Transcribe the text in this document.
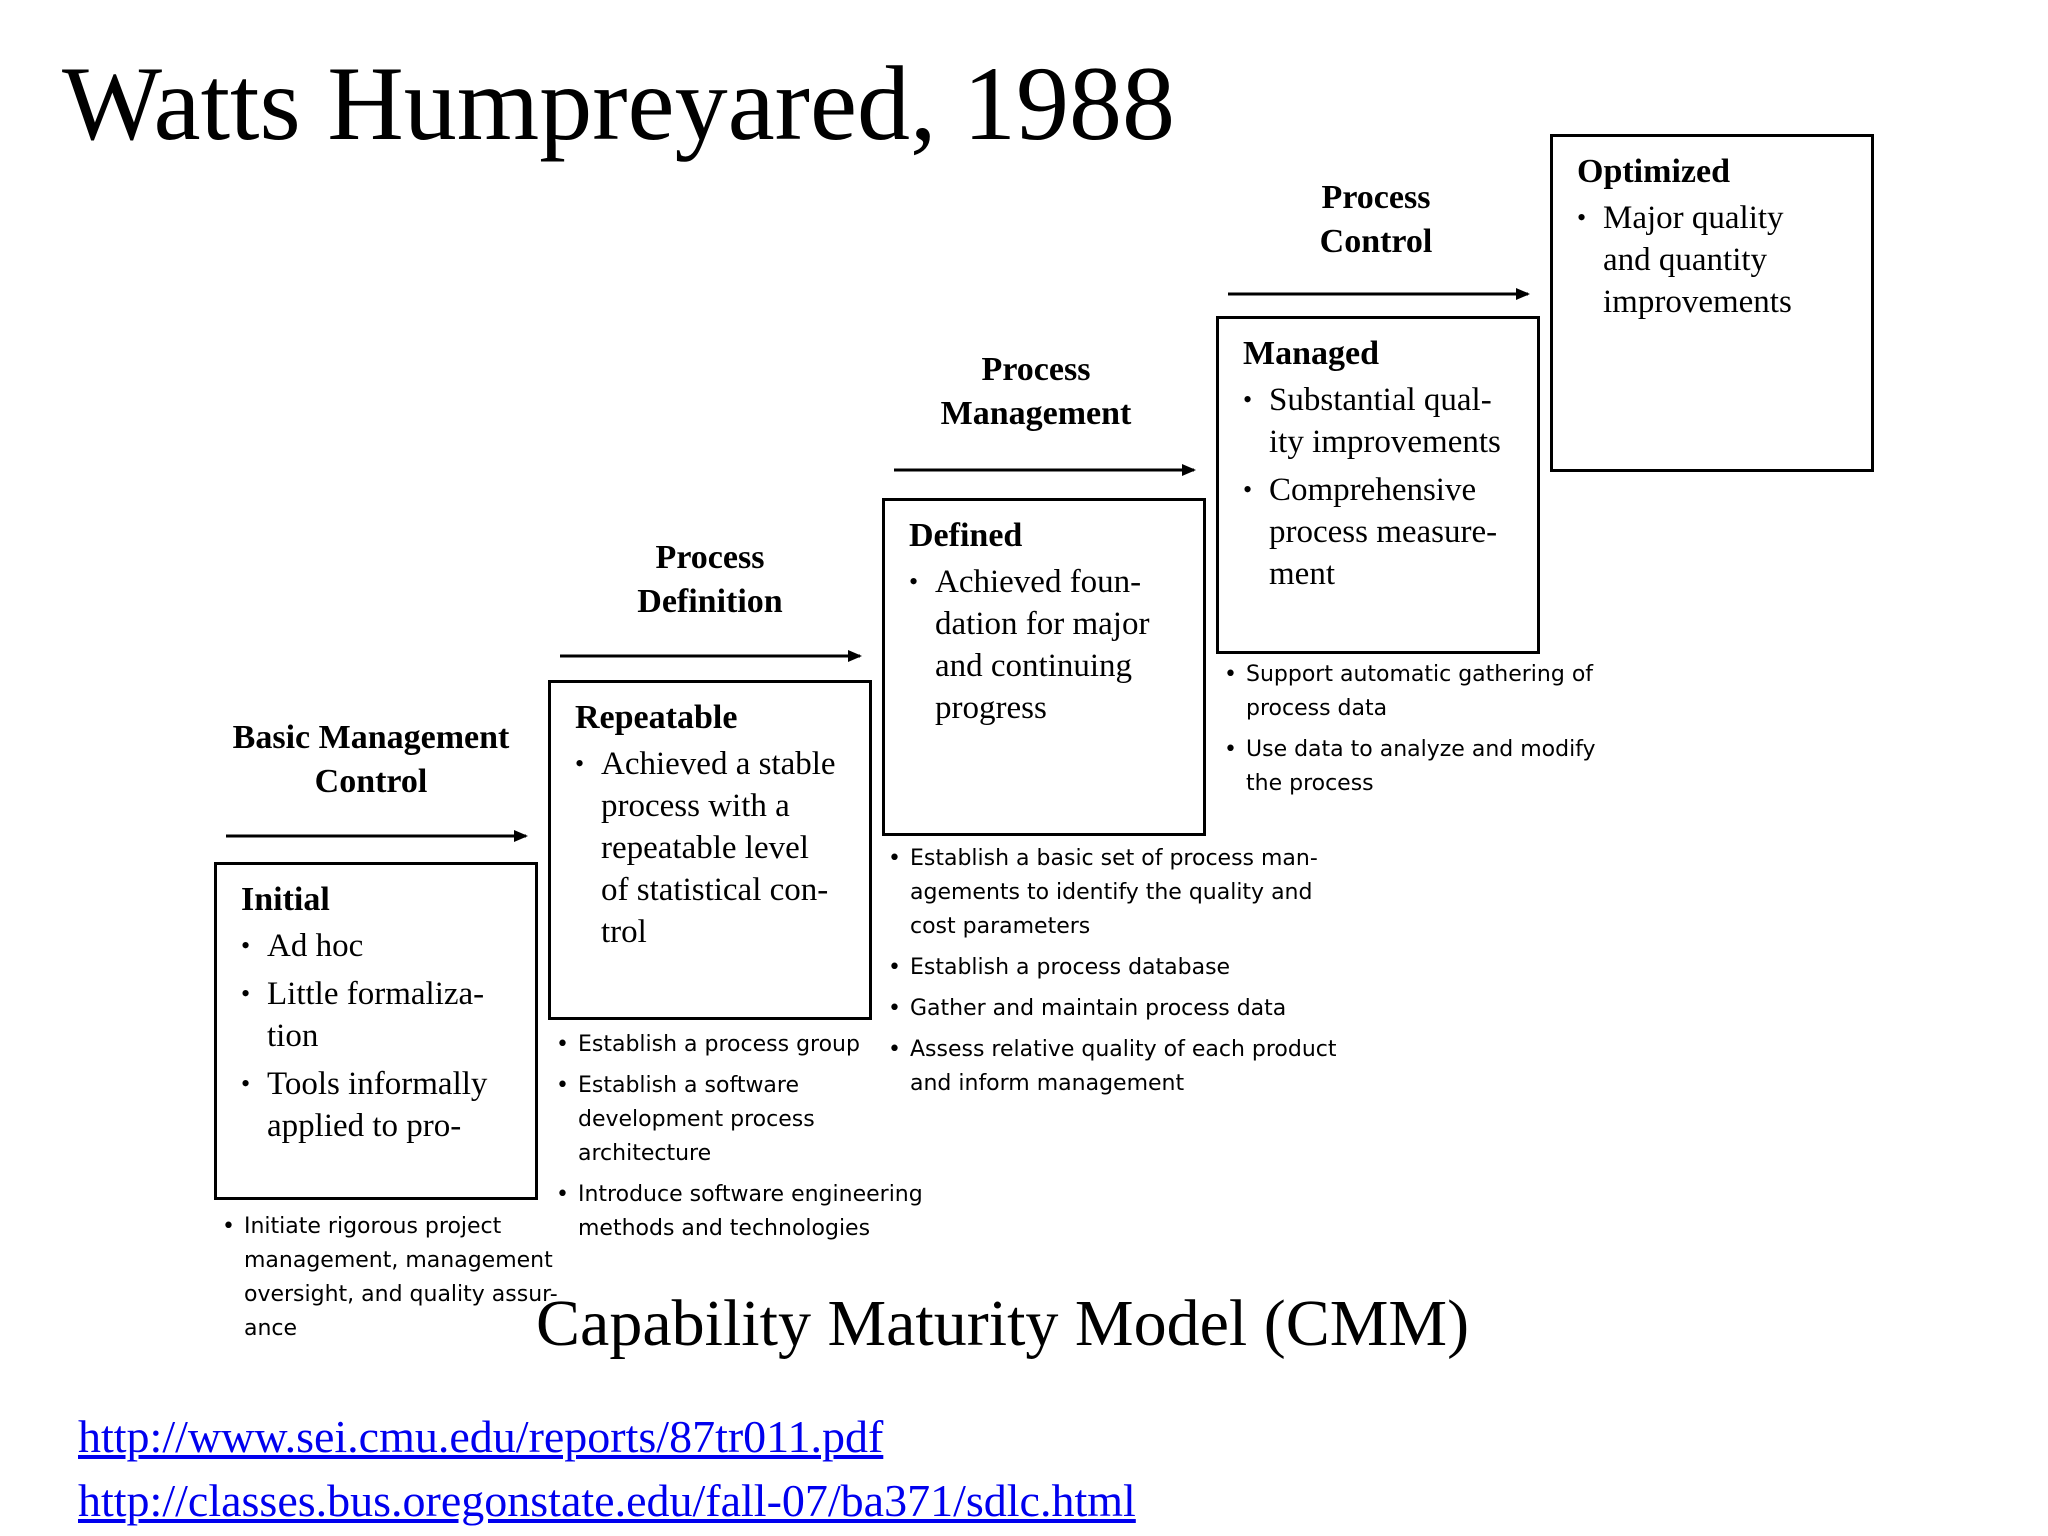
Watts Humpreyared, 1988
Basic Management
Control
Process
Definition
Process
Management
Process
Control
Initial
• Ad hoc
• Little formaliza-
tion
• Tools informally
applied to pro-
Repeatable
• Achieved a stable
process with a
repeatable level
of statistical con-
trol
Defined
• Achieved foun-
dation for major
and continuing
progress
Managed
• Substantial qual-
ity improvements
• Comprehensive
process measure-
ment
Optimized
• Major quality
and quantity
improvements
• Initiate rigorous project
management, management
oversight, and quality assur-
ance
• Establish a process group
• Establish a software
development process architecture
• Introduce software engineering
methods and technologies
• Establish a basic set of process man-
agements to identify the quality and
cost parameters
• Establish a process database
• Gather and maintain process data
• Assess relative quality of each product
and inform management
• Support automatic gathering of
process data
• Use data to analyze and modify
the process
Capability Maturity Model (CMM)
http://www.sei.cmu.edu/reports/87tr011.pdf
http://classes.bus.oregonstate.edu/fall-07/ba371/sdlc.html
